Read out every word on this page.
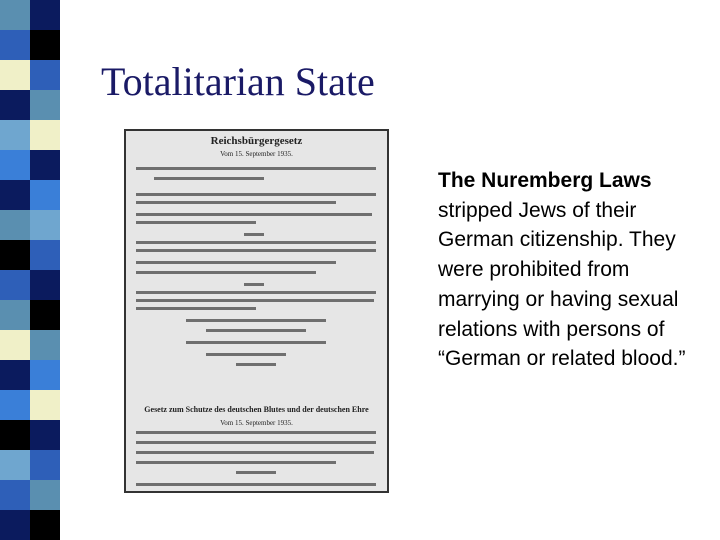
Totalitarian State
Reichsbürgergesetz
Vom 15. September 1935.
Gesetz zum Schutze des deutschen Blutes und der deutschen Ehre
Vom 15. September 1935.
The Nuremberg Laws stripped Jews of their German citizenship. They were prohibited from marrying or having sexual relations with persons of “German or related blood.”
